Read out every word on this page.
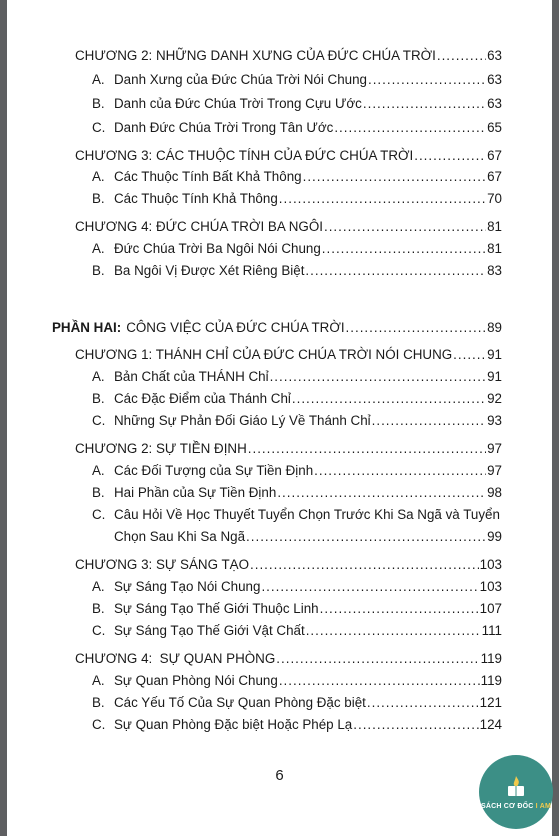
CHƯƠNG 2: NHỮNG DANH XƯNG CỦA ĐỨC CHÚA TRỜI .....	63
A. Danh Xưng của Đức Chúa Trời Nói Chung .....	63
B. Danh của Đức Chúa Trời Trong Cựu Ước .....	63
C. Danh Đức Chúa Trời Trong Tân Ước .....	65
CHƯƠNG 3: CÁC THUỘC TÍNH CỦA ĐỨC CHÚA TRỜI .....	67
A. Các Thuộc Tính Bất Khả Thông .....	67
B. Các Thuộc Tính Khả Thông .....	70
CHƯƠNG 4: ĐỨC CHÚA TRỜI BA NGÔI .....	81
A. Đức Chúa Trời Ba Ngôi Nói Chung .....	81
B. Ba Ngôi Vị Được Xét Riêng Biệt .....	83
PHẦN HAI: CÔNG VIỆC CỦA ĐỨC CHÚA TRỜI .....	89
CHƯƠNG 1: THÁNH CHỈ CỦA ĐỨC CHÚA TRỜI NÓI CHUNG .....	91
A. Bản Chất của THÁNH Chỉ .....	91
B. Các Đặc Điểm của Thánh Chỉ .....	92
C. Những Sự Phản Đối Giáo Lý Về Thánh Chỉ .....	93
CHƯƠNG 2: SỰ TIỀN ĐỊNH .....	97
A. Các Đối Tượng của Sự Tiền Định .....	97
B. Hai Phần của Sự Tiền Định .....	98
C. Câu Hỏi Về Học Thuyết Tuyển Chọn Trước Khi Sa Ngã và Tuyển
Chọn Sau Khi Sa Ngã .....	99
CHƯƠNG 3: SỰ SÁNG TẠO .....	103
A. Sự Sáng Tạo Nói Chung .....	103
B. Sự Sáng Tạo Thế Giới Thuộc Linh .....	107
C. Sự Sáng Tạo Thế Giới Vật Chất .....	111
CHƯƠNG 4:  SỰ QUAN PHÒNG .....	119
A. Sự Quan Phòng Nói Chung .....	119
B. Các Yếu Tố Của Sự Quan Phòng Đặc biệt .....	121
C. Sự Quan Phòng Đặc biệt Hoặc Phép Lạ .....	124
6
SÁCH CƠ ĐỐC I AM
